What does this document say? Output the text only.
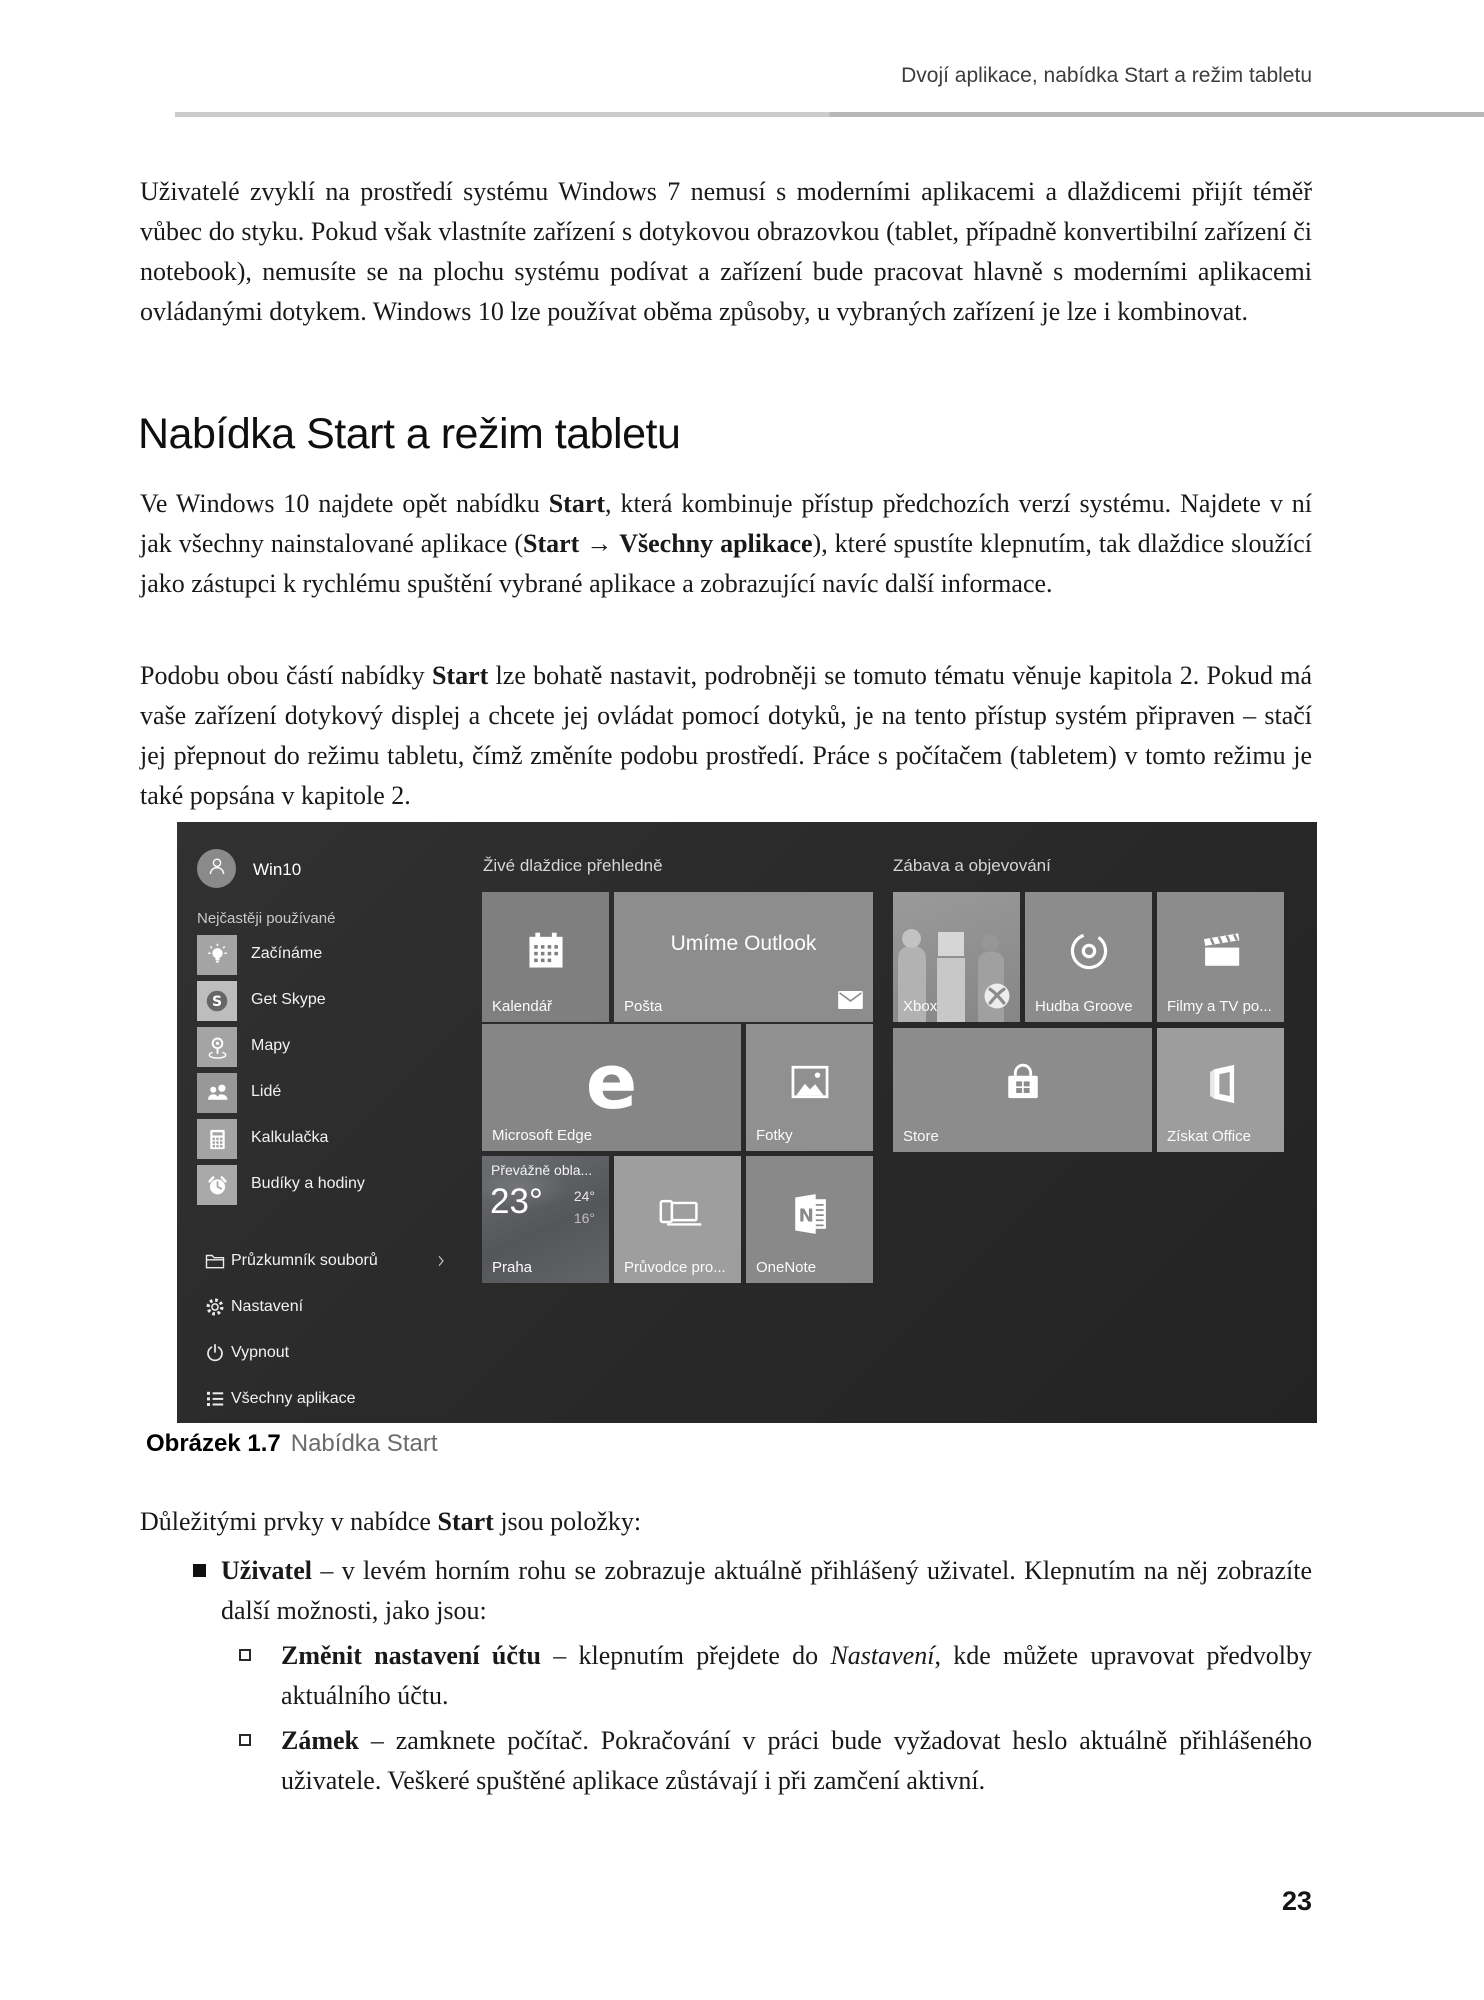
Dvojí aplikace, nabídka Start a režim tabletu

Uživatelé zvyklí na prostředí systému Windows 7 nemusí s moderními aplikacemi a dlaždicemi přijít téměř vůbec do styku. Pokud však vlastníte zařízení s dotykovou obrazovkou (tablet, případně konvertibilní zařízení či notebook), nemusíte se na plochu systému podívat a zařízení bude pracovat hlavně s moderními aplikacemi ovládanými dotykem. Windows 10 lze používat oběma způsoby, u vybraných zařízení je lze i kombinovat.

Nabídka Start a režim tabletu

Ve Windows 10 najdete opět nabídku Start, která kombinuje přístup předchozích verzí systému. Najdete v ní jak všechny nainstalované aplikace (Start → Všechny aplikace), které spustíte klepnutím, tak dlaždice sloužící jako zástupci k rychlému spuštění vybrané aplikace a zobrazující navíc další informace.

Podobu obou částí nabídky Start lze bohatě nastavit, podrobněji se tomuto tématu věnuje kapitola 2. Pokud má vaše zařízení dotykový displej a chcete jej ovládat pomocí dotyků, je na tento přístup systém připraven – stačí jej přepnout do režimu tabletu, čímž změníte podobu prostředí. Práce s počítačem (tabletem) v tomto režimu je také popsána v kapitole 2.

Win10
Nejčastěji používané
Začínáme
S Get Skype
Mapy
Lidé
Kalkulačka
Budíky a hodiny
Průzkumník souborů
Nastavení
Vypnout
Všechny aplikace
Živé dlaždice přehledně
Kalendář
Umíme Outlook
Pošta
e
Microsoft Edge	Fotky
Převážně obla...
23° 24°
16°
Praha	Průvodce pro...
N
OneNote
Zábava a objevování
Xbox	Hudba Groove Filmy a TV po...
Store	Získat Office
Obrázek 1.7 Nabídka Start

Důležitými prvky v nabídce Start jsou položky:

Uživatel – v levém horním rohu se zobrazuje aktuálně přihlášený uživatel. Klepnutím na něj zobrazíte další možnosti, jako jsou:
Změnit nastavení účtu – klepnutím přejdete do Nastavení, kde můžete upravovat předvolby aktuálního účtu.
Zámek – zamknete počítač. Pokračování v práci bude vyžadovat heslo aktuálně přihlášeného uživatele. Veškeré spuštěné aplikace zůstávají i při zamčení aktivní.
23
